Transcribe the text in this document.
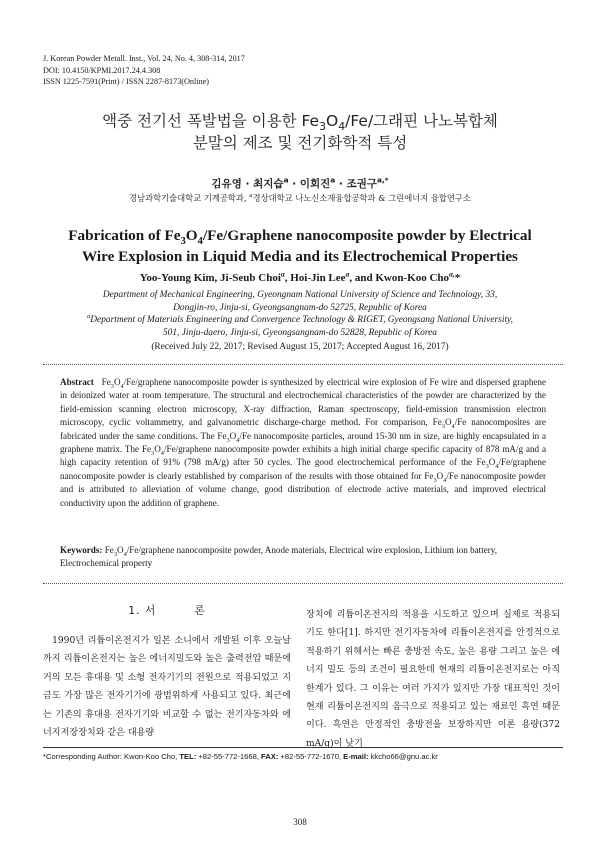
J. Korean Powder Metall. Inst., Vol. 24, No. 4, 308-314, 2017
DOI: 10.4150/KPMI.2017.24.4.308
ISSN 1225-7591(Print) / ISSN 2287-8173(Online)
액중 전기선 폭발법을 이용한 $Fe_3O_4/Fe/$그래핀 나노복합체
분말의 제조 및 전기화학적 특성
김유영 · 최지습$^a$ · 이회진$^a$ · 조권구$^{a,*}$
경남과학기술대학교 기계공학과, $^a$경상대학교 나노신소재융합공학과 & 그린에너지 융합연구소
Fabrication of $Fe_3O_4/Fe$/Graphene nanocomposite powder by Electrical
Wire Explosion in Liquid Media and its Electrochemical Properties
Yoo-Young Kim, Ji-Seub Choi$^a$, Hoi-Jin Lee$^a$, and Kwon-Koo Cho$^{a,}$*
Department of Mechanical Engineering, Gyeongnam National University of Science and Technology, 33,
Dongjin-ro, Jinju-si, Gyeongsangnam-do 52725, Republic of Korea
$^a$Department of Materials Engineering and Convergence Technology & RIGET, Gyeongsang National University,
501, Jinju-daero, Jinju-si, Gyeongsangnam-do 52828, Republic of Korea
(Received July 22, 2017; Revised August 15, 2017; Accepted August 16, 2017)
Abstract $Fe_3O_4/Fe$/graphene nanocomposite powder is synthesized by electrical wire explosion of Fe wire and dispersed graphene in deionized water at room temperature. The structural and electrochemical characteristics of the powder are characterized by the field-emission scanning electron microscopy, X-ray diffraction, Raman spectroscopy, field-emission transmission electron microscopy, cyclic voltammetry, and galvanometric discharge-charge method. For comparison, $Fe_3O_4/Fe$ nanocomposites are fabricated under the same conditions. The $Fe_3O_4/Fe$ nanocomposite particles, around 15-30 nm in size, are highly encapsulated in a graphene matrix. The $Fe_3O_4/Fe$/graphene nanocomposite powder exhibits a high initial charge specific capacity of 878 mA/g and a high capacity retention of 91% (798 mA/g) after 50 cycles. The good electrochemical performance of the $Fe_3O_4/Fe$/graphene nanocomposite powder is clearly established by comparison of the results with those obtained for $Fe_3O_4/Fe$ nanocomposite powder and is attributed to alleviation of volume change, good distribution of electrode active materials, and improved electrical conductivity upon the addition of graphene.
Keywords: $Fe_3O_4/Fe$/graphene nanocomposite powder, Anode materials, Electrical wire explosion, Lithium ion battery, Electrochemical property
1. 서	론
1990년 리튬이온전지가 일본 소니에서 개발된 이후 오늘날까지 리튬이온전지는 높은 에너지밀도와 높은 출력전압 때문에 거의 모든 휴대용 및 소형 전자기기의 전원으로 적용되었고 지금도 가장 많은 전자기기에 광범위하게 사용되고 있다. 최근에는 기존의 휴대용 전자기기와 비교할 수 없는 전기자동차와 에너지저장장치와 같은 대용량
장치에 리튬이온전지의 적용을 시도하고 있으며 실제로 적용되기도 한다[1]. 하지만 전기자동차에 리튬이온전지를 안정적으로 적용하기 위해서는 빠른 충방전 속도, 높은 용량 그리고 높은 에너지 밀도 등의 조건이 필요한데 현재의 리튬이온전지로는 아직 한계가 있다. 그 이유는 여러 가지가 있지만 가장 대표적인 것이 현재 리튬이온전지의 음극으로 적용되고 있는 재료인 흑연 때문이다. 흑연은 안정적인 충방전을 보장하지만 이론 용량(372 mA/g)이 낮기
*Corresponding Author: Kwon-Koo Cho, TEL: +82-55-772-1668, FAX: +82-55-772-1670, E-mail: kkcho66@gnu.ac.kr
308
